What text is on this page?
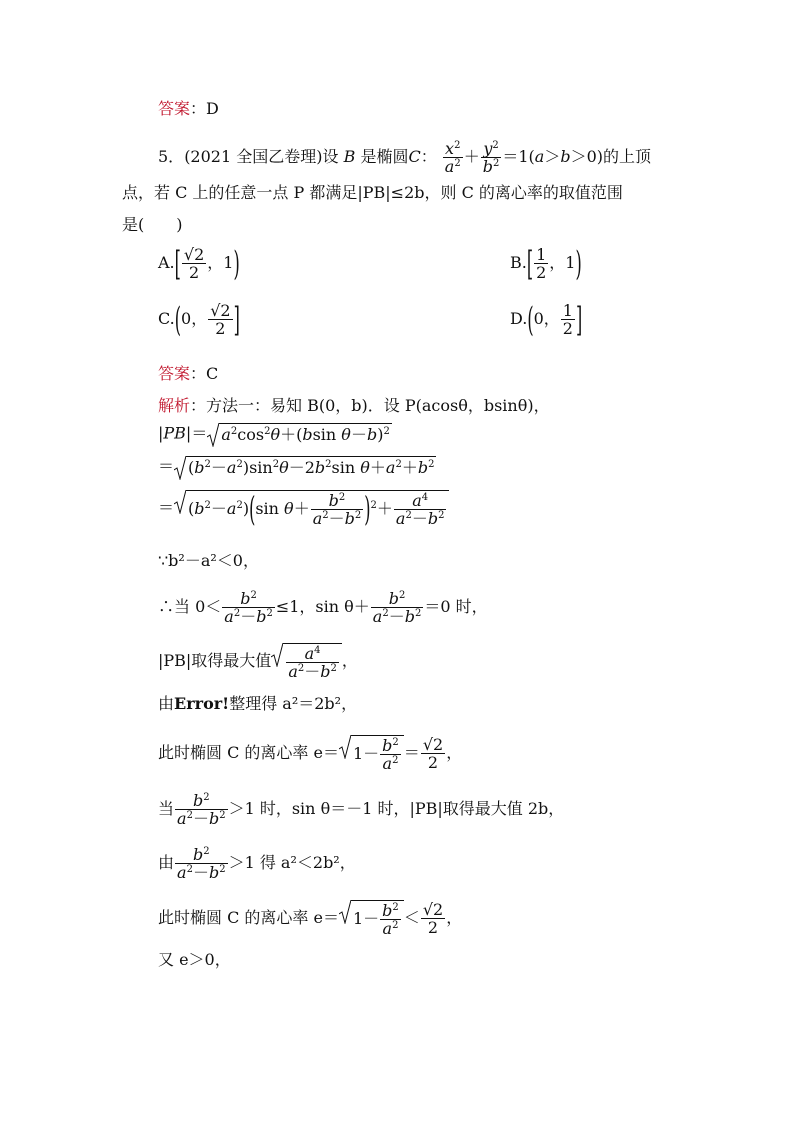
答案：D
5．(2021 全国乙卷理)设 B 是椭圆C： $\frac{x^2}{a^2} + \frac{y^2}{b^2} =1(a>b>0)$的上顶
点，若 C 上的任意一点 P 都满足|PB|≤2b，则 C 的离心率的取值范围
是(　　)
$A.[ \frac{√2}{2}$ ，1)	$B.[ \frac{1}{2}$ ，1)
C.(0， $\frac{√2}{2}$ ]	D.(0， $\frac{1}{2}$ ]
答案：C
解析：方法一：易知 B(0，b)．设 P(acosθ，bsinθ)，
$|PB|= a^2\cos^2\theta+(bsin$ θ－b)$^2$
＝ $(b^2-a^2)\sin^2\theta-2b^2\sin$ $\theta+a^2+b^2$
＝ $(b^2-a^2)(\sin$ $\theta+ \frac{b^2}{a^2-b^2} )^2+ \frac{a^4}{a^2-b^2}$
∵b²－a²＜0，
∴当 $0< \frac{b^2}{a^2-b^2} \le 1$，$\sin \theta+ \frac{b^2}{a^2-b^2} =0$ 时，
|PB|取得最大值 $\frac{a^4}{a^2-b^2}$ ，
由Error!整理得 a²＝2b²，
此时椭圆 C 的离心率 $e= 1- \frac{b^2}{a^2} = \frac{√2}{2}$ ，
当 $\frac{b^2}{a^2-b^2} >1$ 时，sin θ＝－1 时，|PB|取得最大值 2b，
由 $\frac{b^2}{a^2-b^2} >1$ 得 a²＜2b²，
此时椭圆 C 的离心率 $e= 1- \frac{b^2}{a^2} < \frac{√2}{2}$ ，
又 e＞0，
